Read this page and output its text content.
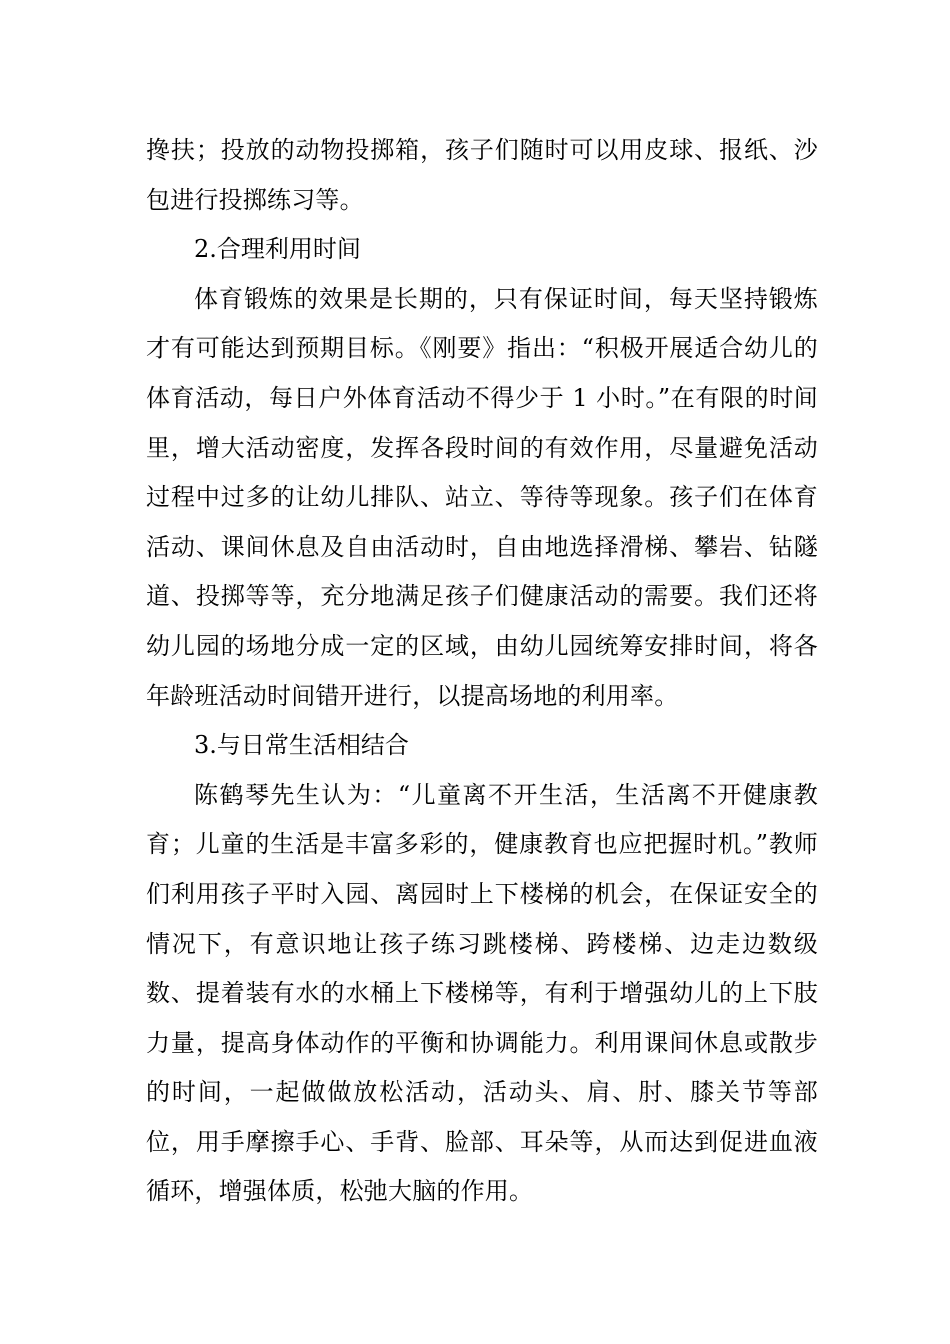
搀扶；投放的动物投掷箱，孩子们随时可以用皮球、报纸、沙包进行投掷练习等。

2.合理利用时间

体育锻炼的效果是长期的，只有保证时间，每天坚持锻炼才有可能达到预期目标。《刚要》指出：“积极开展适合幼儿的体育活动，每日户外体育活动不得少于 1 小时。”在有限的时间里，增大活动密度，发挥各段时间的有效作用，尽量避免活动过程中过多的让幼儿排队、站立、等待等现象。孩子们在体育活动、课间休息及自由活动时，自由地选择滑梯、攀岩、钻隧道、投掷等等，充分地满足孩子们健康活动的需要。我们还将幼儿园的场地分成一定的区域，由幼儿园统筹安排时间，将各年龄班活动时间错开进行，以提高场地的利用率。

3.与日常生活相结合

陈鹤琴先生认为：“儿童离不开生活，生活离不开健康教育；儿童的生活是丰富多彩的，健康教育也应把握时机。”教师们利用孩子平时入园、离园时上下楼梯的机会，在保证安全的情况下，有意识地让孩子练习跳楼梯、跨楼梯、边走边数级数、提着装有水的水桶上下楼梯等，有利于增强幼儿的上下肢力量，提高身体动作的平衡和协调能力。利用课间休息或散步的时间，一起做做放松活动，活动头、肩、肘、膝关节等部位，用手摩擦手心、手背、脸部、耳朵等，从而达到促进血液循环，增强体质，松弛大脑的作用。
